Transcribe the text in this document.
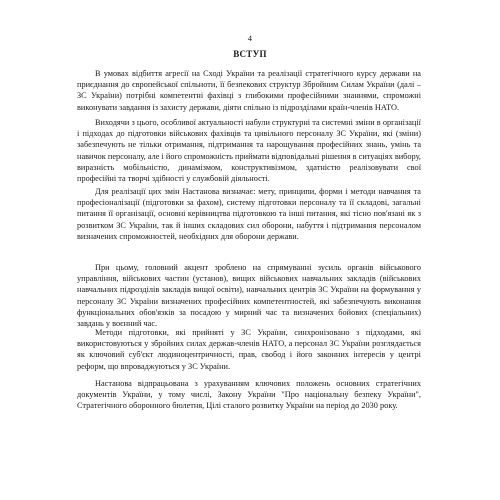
4
ВСТУП

В умовах відбиття агресії на Сході України та реалізації стратегічного курсу держави на приєднання до європейської спільноти, її безпекових структур Збройним Силам України (далі – ЗС України) потрібні компетентні фахівці з глибокими професійними знаннями, спроможні виконувати завдання із захисту держави, діяти спільно із підрозділами країн-членів НАТО.

Виходячи з цього, особливої актуальності набули структурні та системні зміни в організації і підходах до підготовки військових фахівців та цивільного персоналу ЗС України, які (зміни) забезпечують не тільки отримання, підтримання та нарощування професійних знань, умінь та навичок персоналу, але і його спроможність приймати відповідальні рішення в ситуаціях вибору, виразність мобільністю, динамізмом, конструктивізмом, здатністю реалізовувати свої професійні та творчі здібності у службовій діяльності.

Для реалізації цих змін Настанова визначає: мету, принципи, форми і методи навчання та професіоналізації (підготовки за фахом), систему підготовки персоналу та її складові, загальні питання її організації, основні керівництва підготовкою та інші питання, які тісно пов'язані як з розвитком ЗС України, так й інших складових сил оборони, набуття і підтримання персоналом визначених спроможностей, необхідних для оборони держави.

При цьому, головний акцент зроблено на спрямуванні зусиль органів військового управління, військових частин (установ), вищих військових навчальних закладів (військових навчальних підрозділів закладів вищої освіти), навчальних центрів ЗС України на формування у персоналу ЗС України визначених професійних компетентностей, які забезпечують виконання функціональних обов'язків за посадою у мирний час та визначених бойових (спеціальних) завдань у воєнний час.

Методи підготовки, які прийняті у ЗС України, синхронізовано з підходами, які використовуються у збройних силах держав-членів НАТО, а персонал ЗС України розглядається як ключовий суб'єкт людиноцентричності, прав, свобод і його законних інтересів у центрі реформ, що впроваджуються у ЗС України.

Настанова відпрацьована з урахуванням ключових положень основних стратегічних документів України, у тому числі, Закону України "Про національну безпеку України", Стратегічного оборонного бюлетня, Цілі сталого розвитку України на період до 2030 року.
